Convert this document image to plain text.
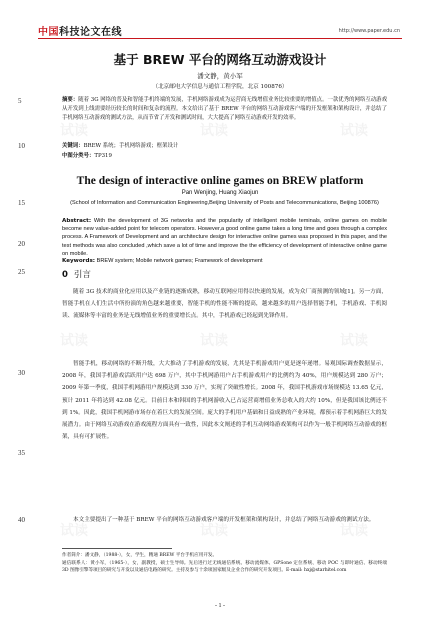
试读	试读	试读
试读	试读	试读
试读	试读	试读
中国科技论文在线	http://www.paper.edu.cn
5
10
15
20
25
30
35
40
基于 BREW 平台的网络互动游戏设计
潘文静，黄小军
（北京邮电大学信息与通信工程学院，北京 100876）
摘要：随着 3G 网络的普及和智能手机终端的发展，手机网络游戏成为运营商无线增值业务比较重要的增值点。一款优秀的网络互动游戏从开发到上线需要经历较长的时间和复杂的流程。本文给出了基于 BREW 平台的网络互动游戏客户端的开发框架和架构设计，并总结了手机网络互动游戏的测试方法，从而节省了开发和测试时间，大大提高了网络互动游戏开发的效率。
关键词：BREW 系统；手机网络游戏；框架设计
中图分类号：TP319
The design of interactive online games on BREW platform
Pan Wenjing, Huang Xiaojun
(School of Information and Communication Engineering,Beijing University of Posts and Telecommunications, Beijing 100876)
Abstract: With the development of 3G networks and the popularity of intelligent mobile teminals, online games on mobile become new value-added point for telecom operators. However,a good online game takes a long time and goes through a complex process. A Framework of Development and an architecture design for interactive online games was proposed in this paper, and the test methods was also concluded ,which save a lot of time and improve the the efficiency of development of interactive online game on mobile.
Keywords: BREW system; Mobile network games; Framework of development
0 引言
随着 3G 技术的商业化应用以及产业链的逐渐成熟，移动互联网应用得以快速的发展，成为众厂商预测的领域[1]。另一方面，智能手机在人们生活中所扮演的角色越来越重要，智能手机的性能不断的提高，越来越多的用户选择智能手机，手机游戏、手机阅读、流媒体等丰富的业务是无线增值业务的重要增长点。其中，手机游戏已经起到先锋作用。
智能手机，移动网络的不断升级，大大推动了手机游戏的发展，尤其是手机游戏用户更是逐年递增。易观国际调查数据显示，2008 年，我国手机游戏活跃用户达 698 万户，其中手机网游用户占手机游戏用户的比例约为 40%，用户规模达到 280 万户；2009 年第一季度，我国手机网游用户规模达到 330 万户，实现了突破性增长。2008 年，我国手机游戏市场规模达 13.65 亿元，预计 2011 年将达到 42.08 亿元。目前日本和韩国的手机网游收入已占运营商增值业务总收入的大约 10%，但是我国该比例还不到 1%。因此，我国手机网游市场存在着巨大的发展空间。庞大的手机用户基础和日益成熟的产业环境，都预示着手机网游巨大的发展潜力。由于网络互动游戏在游戏流程方面具有一致性，因此本文阐述的手机互动网络游戏架构可以作为一般手机网络互动游戏的框架，具有可扩展性。
本文主要提出了一种基于 BREW 平台的网络互动游戏客户端的开发框架和架构设计，并总结了网络互动游戏的测试方法。
作者简介：潘文静，（1988-），女，学生，精通 BREW 平台手机应用开发。
通信联系人：黄小军，（1965-），女，副教授，硕士生导师。先后进行过无线通信系统、移动流媒体、GPSone 定位系统、移动 POC 与即时通信、移动终端 3D 图像引擎等项目的研究与开发以及通信电路的研究。主持及参与十余项国家级及企业合作的研究开发项目。E-mail: hxj@starhitel.com
- 1 -
